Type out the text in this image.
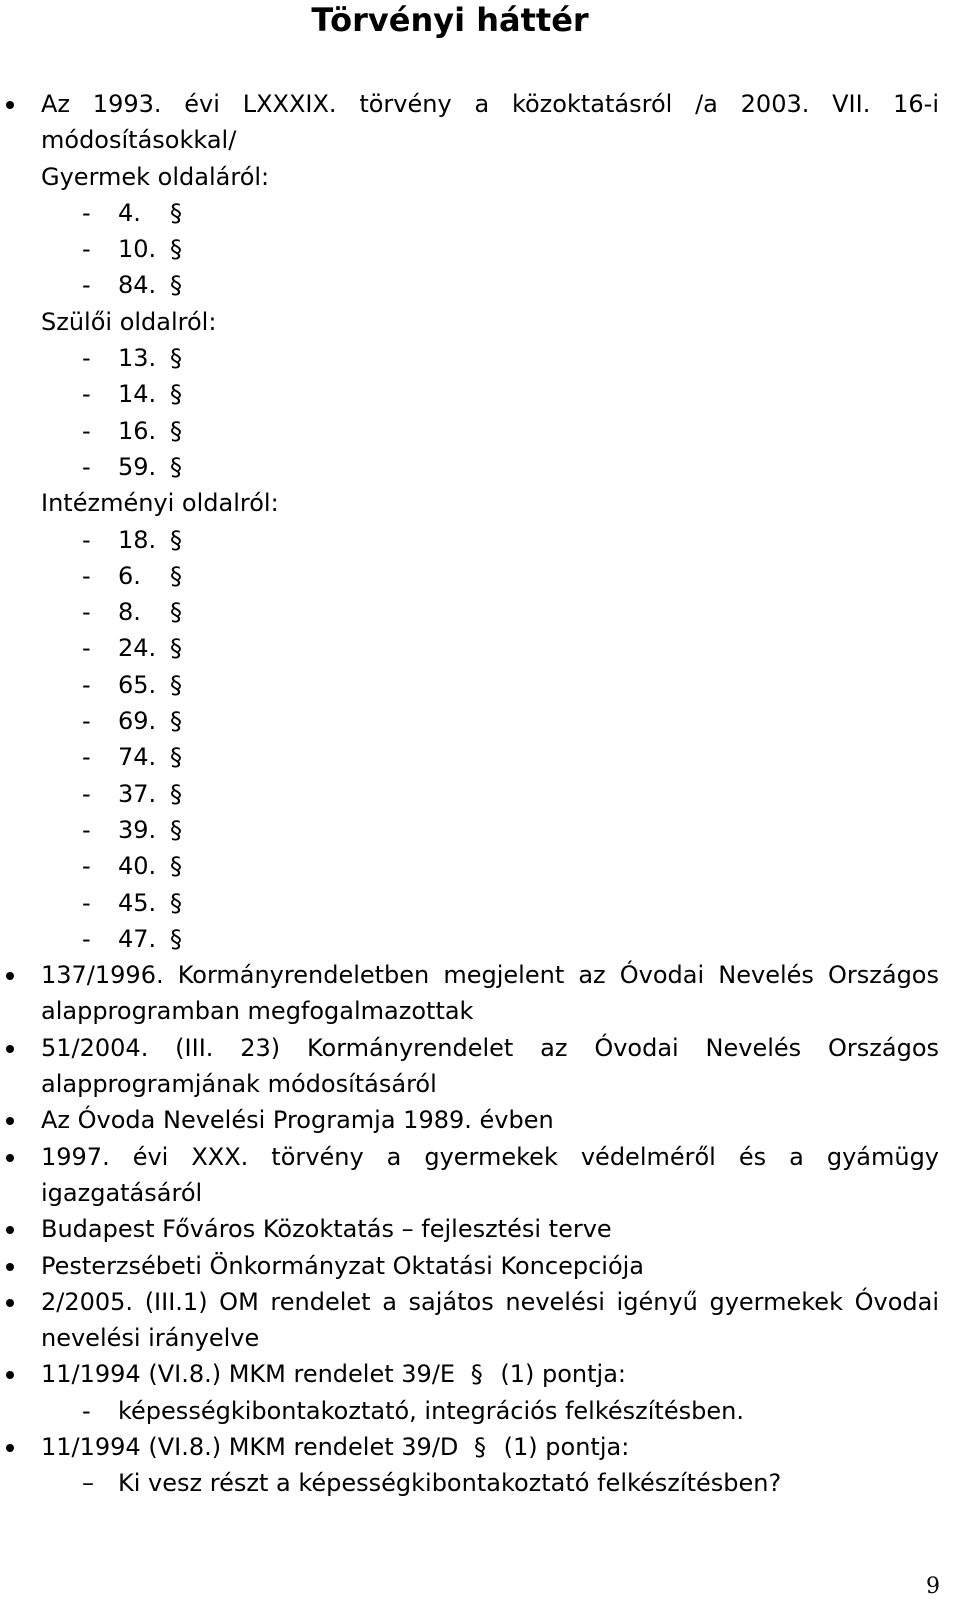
Törvényi háttér
Az 1993. évi LXXXIX. törvény a közoktatásról /a 2003. VII. 16-i
módosításokkal/
Gyermek oldaláról:
- 4. §
- 10. §
- 84. §
Szülői oldalról:
- 13. §
- 14. §
- 16. §
- 59. §
Intézményi oldalról:
- 18. §
- 6. §
- 8. §
- 24. §
- 65. §
- 69. §
- 74. §
- 37. §
- 39. §
- 40. §
- 45. §
- 47. §
137/1996. Kormányrendeletben megjelent az Óvodai Nevelés Országos
alapprogramban megfogalmazottak
51/2004. (III. 23) Kormányrendelet az Óvodai Nevelés Országos
alapprogramjának módosításáról
Az Óvoda Nevelési Programja 1989. évben
1997. évi XXX. törvény a gyermekek védelméről és a gyámügy
igazgatásáról
Budapest Főváros Közoktatás – fejlesztési terve
Pesterzsébeti Önkormányzat Oktatási Koncepciója
2/2005. (III.1) OM rendelet a sajátos nevelési igényű gyermekek Óvodai
nevelési irányelve
11/1994 (VI.8.) MKM rendelet 39/E § (1) pontja:
- képességkibontakoztató, integrációs felkészítésben.
11/1994 (VI.8.) MKM rendelet 39/D § (1) pontja:
– Ki vesz részt a képességkibontakoztató felkészítésben?
9
